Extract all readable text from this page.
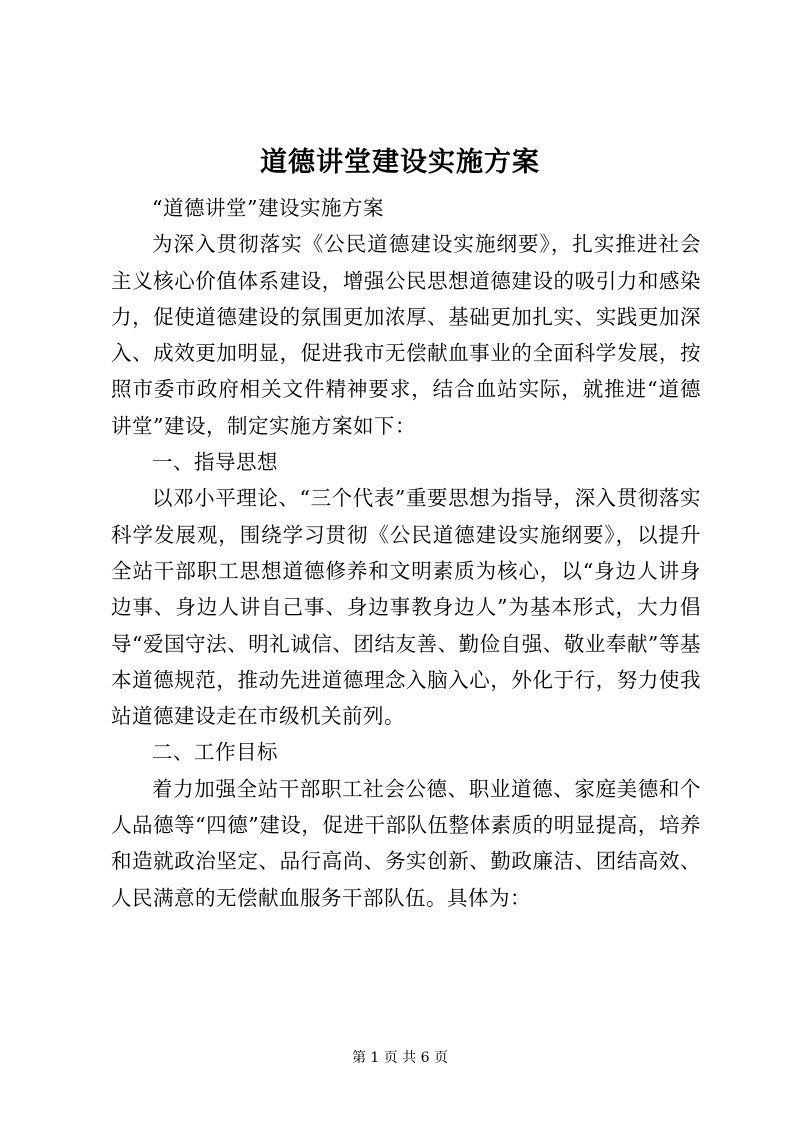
道德讲堂建设实施方案

“道德讲堂”建设实施方案

为深入贯彻落实《公民道德建设实施纲要》，扎实推进社会主义核心价值体系建设，增强公民思想道德建设的吸引力和感染力，促使道德建设的氛围更加浓厚、基础更加扎实、实践更加深入、成效更加明显，促进我市无偿献血事业的全面科学发展，按照市委市政府相关文件精神要求，结合血站实际，就推进“道德讲堂”建设，制定实施方案如下：

一、指导思想

以邓小平理论、“三个代表”重要思想为指导，深入贯彻落实科学发展观，围绕学习贯彻《公民道德建设实施纲要》，以提升全站干部职工思想道德修养和文明素质为核心，以“身边人讲身边事、身边人讲自己事、身边事教身边人”为基本形式，大力倡导“爱国守法、明礼诚信、团结友善、勤俭自强、敬业奉献”等基本道德规范，推动先进道德理念入脑入心，外化于行，努力使我站道德建设走在市级机关前列。

二、工作目标

着力加强全站干部职工社会公德、职业道德、家庭美德和个人品德等“四德”建设，促进干部队伍整体素质的明显提高，培养和造就政治坚定、品行高尚、务实创新、勤政廉洁、团结高效、人民满意的无偿献血服务干部队伍。具体为：

第 1 页 共 6 页
